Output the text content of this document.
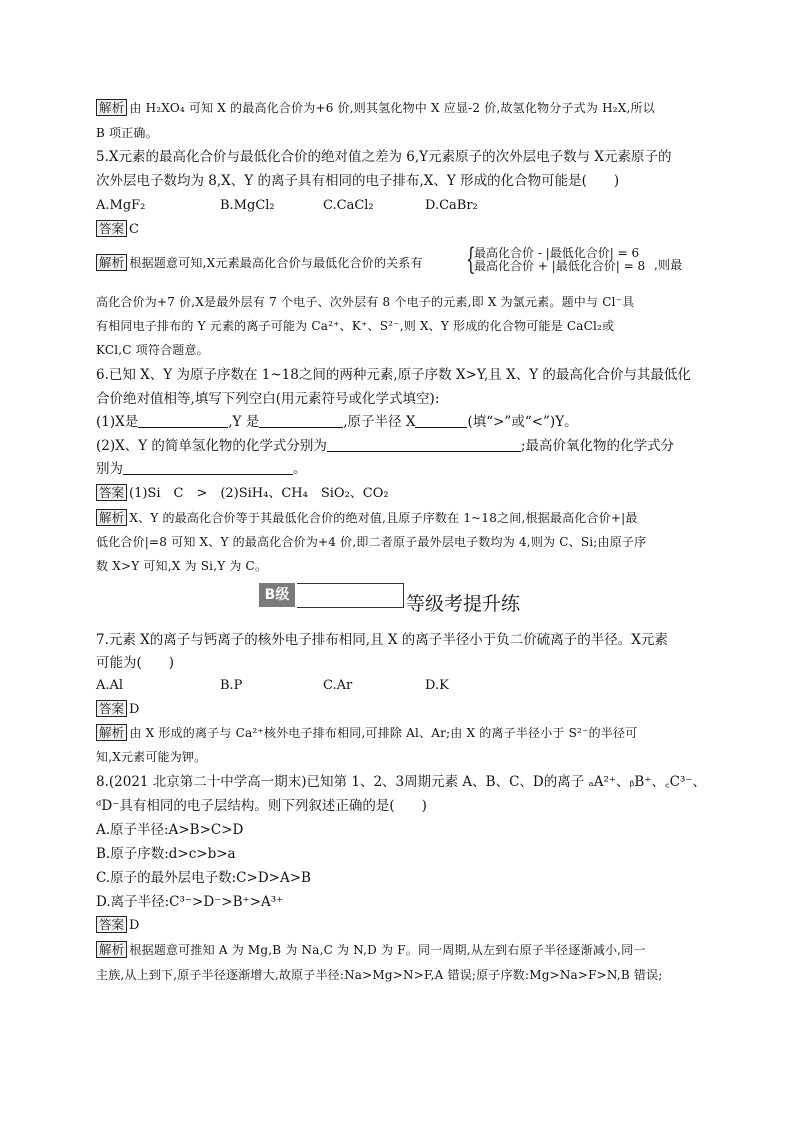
解析 由 H₂XO₄ 可知 X 的最高化合价为+6 价,则其氢化物中 X 应显-2 价,故氢化物分子式为 H₂X,所以
B 项正确。
5.X元素的最高化合价与最低化合价的绝对值之差为 6,Y元素原子的次外层电子数与 X元素原子的
次外层电子数均为 8,X、Y 的离子具有相同的电子排布,X、Y 形成的化合物可能是(　　)
A.MgF₂	B.MgCl₂	C.CaCl₂	D.CaBr₂
答案 C
解析 根据题意可知,X元素最高化合价与最低化合价的关系有 {
最高化合价 - |最低化合价| = 6
最高化合价 + |最低化合价| = 8 ,则最
高化合价为+7 价,X是最外层有 7 个电子、次外层有 8 个电子的元素,即 X 为氯元素。题中与 Cl⁻具
有相同电子排布的 Y 元素的离子可能为 Ca²⁺、K⁺、S²⁻,则 X、Y 形成的化合物可能是 CaCl₂或
KCl,C 项符合题意。
6.已知 X、Y 为原子序数在 1~18之间的两种元素,原子序数 X>Y,且 X、Y 的最高化合价与其最低化
合价绝对值相等,填写下列空白(用元素符号或化学式填空):
(1)X是	,Y 是	,原子半径 X	(填“>”或“<”)Y。
(2)X、Y 的简单氢化物的化学式分别为	;最高价氧化物的化学式分
别为	。
答案 (1)Si　C　>　(2)SiH₄、CH₄　SiO₂、CO₂
解析 X、Y 的最高化合价等于其最低化合价的绝对值,且原子序数在 1~18之间,根据最高化合价+|最
低化合价|=8 可知 X、Y 的最高化合价为+4 价,即二者原子最外层电子数均为 4,则为 C、Si;由原子序
数 X>Y 可知,X 为 Si,Y 为 C。
B级	等级考提升练
7.元素 X的离子与钙离子的核外电子排布相同,且 X 的离子半径小于负二价硫离子的半径。X元素
可能为(　　)
A.Al	B.P	C.Ar	D.K
答案 D
解析 由 X 形成的离子与 Ca²⁺核外电子排布相同,可排除 Al、Ar;由 X 的离子半径小于 S²⁻的半径可
知,X元素可能为钾。
8.(2021 北京第二十中学高一期末)已知第 1、2、3周期元素 A、B、C、D的离子 ₐA²⁺、ᵦB⁺、꜀C³⁻、
ᵈD⁻具有相同的电子层结构。则下列叙述正确的是(　　)
A.原子半径:A>B>C>D
B.原子序数:d>c>b>a
C.原子的最外层电子数:C>D>A>B
D.离子半径:C³⁻>D⁻>B⁺>A³⁺
答案 D
解析 根据题意可推知 A 为 Mg,B 为 Na,C 为 N,D 为 F。同一周期,从左到右原子半径逐渐减小,同一
主族,从上到下,原子半径逐渐增大,故原子半径:Na>Mg>N>F,A 错误;原子序数:Mg>Na>F>N,B 错误;
